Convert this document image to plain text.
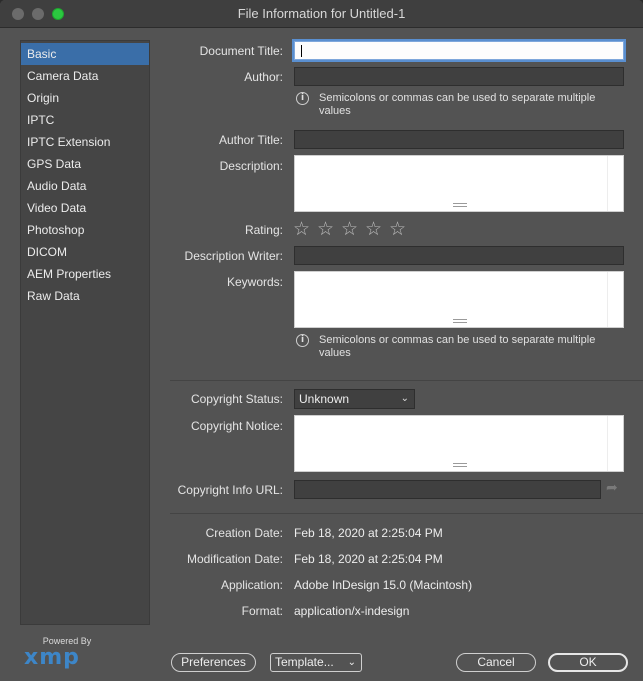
File Information for Untitled-1
Basic
Camera Data
Origin
IPTC
IPTC Extension
GPS Data
Audio Data
Video Data
Photoshop
DICOM
AEM Properties
Raw Data
Powered By
xmp
Document Title:
Author:
i	Semicolons or commas can be used to separate multiple values
Author Title:
Description:
Rating: ☆ ☆ ☆ ☆ ☆
Description Writer:
Keywords:
i	Semicolons or commas can be used to separate multiple values
Copyright Status:	Unknown	⌄
Copyright Notice:
Copyright Info URL:	➦
Creation Date: Feb 18, 2020 at 2:25:04 PM
Modification Date: Feb 18, 2020 at 2:25:04 PM
Application: Adobe InDesign 15.0 (Macintosh)
Format: application/x-indesign
Preferences	Template... ⌄	Cancel	OK
